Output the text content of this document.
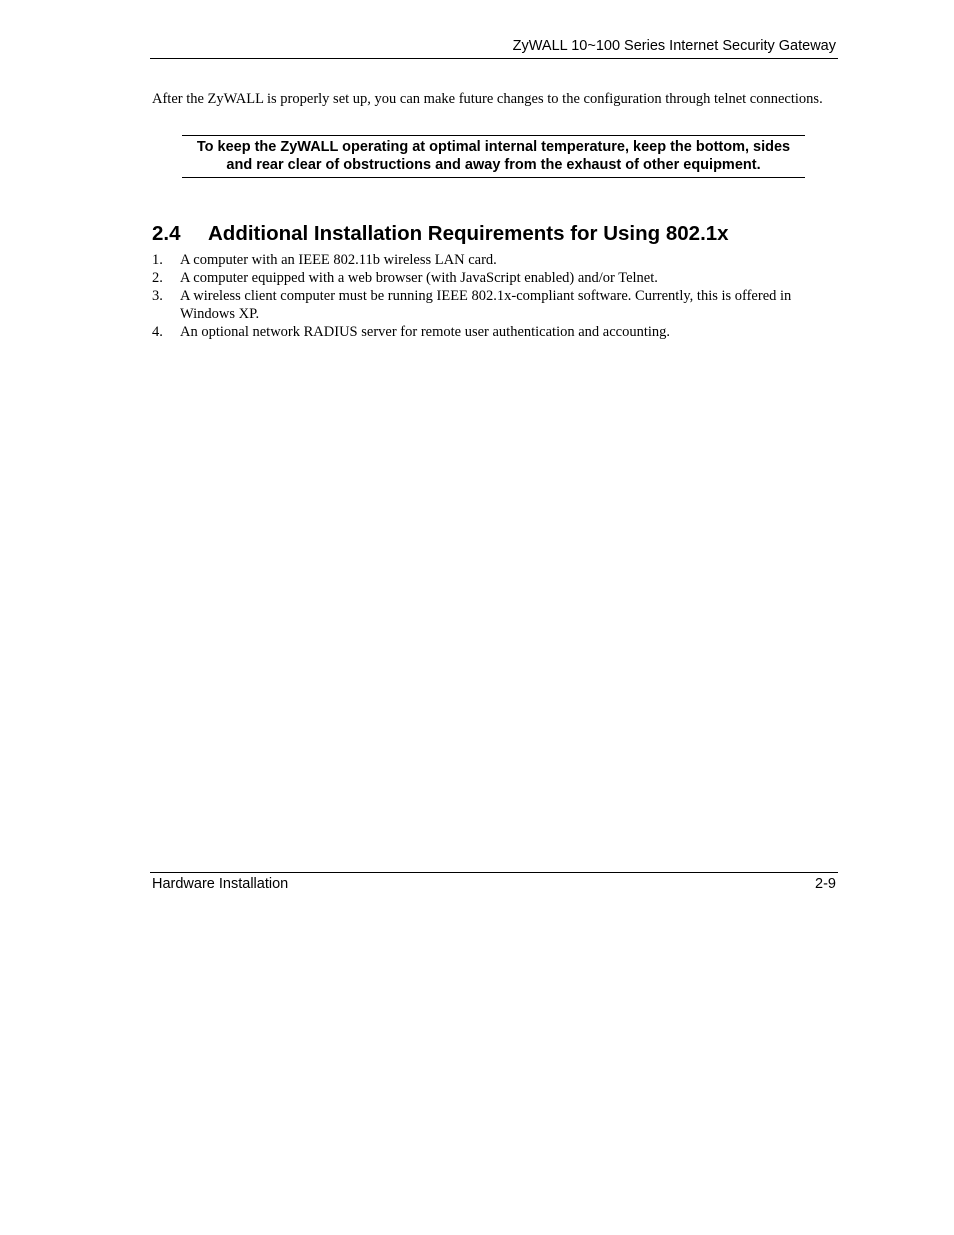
ZyWALL 10~100 Series Internet Security Gateway

After the ZyWALL is properly set up, you can make future changes to the configuration through telnet connections.

To keep the ZyWALL operating at optimal internal temperature, keep the bottom, sides and rear clear of obstructions and away from the exhaust of other equipment.

2.4 Additional Installation Requirements for Using 802.1x
1.	A computer with an IEEE 802.11b wireless LAN card.
2.	A computer equipped with a web browser (with JavaScript enabled) and/or Telnet.
3.	A wireless client computer must be running IEEE 802.1x-compliant software. Currently, this is offered in Windows XP.
4.	An optional network RADIUS server for remote user authentication and accounting.
Hardware Installation	2-9
